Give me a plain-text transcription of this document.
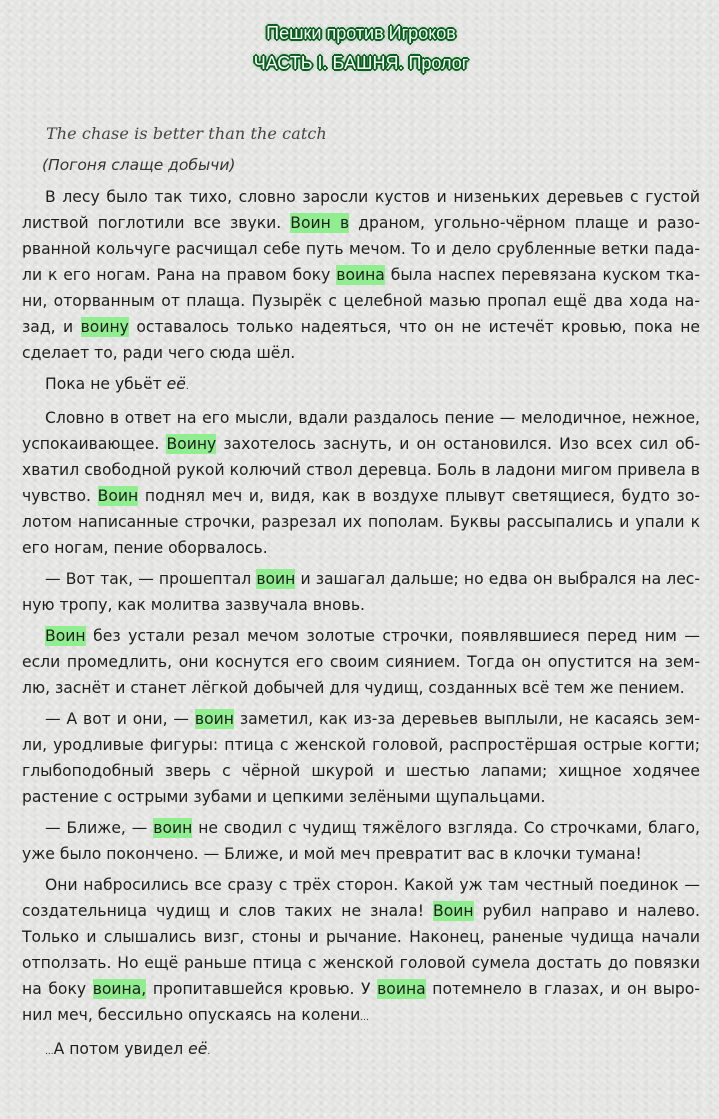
Пешки против Игроков
ЧАСТЬ I. БАШНЯ. Пролог
The chase is better than the catch
(Погоня слаще добычи)

В лесу было так тихо, словно заросли кустов и низеньких деревьев с густой листвой поглотили все звуки. Воин в драном, угольно-чёрном плаще и разорванной кольчуге расчищал себе путь мечом. То и дело срубленные ветки падали к его ногам. Рана на правом боку воина была наспех перевязана куском ткани, оторванным от плаща. Пузырёк с целебной мазью пропал ещё два хода назад, и воину оставалось только надеяться, что он не истечёт кровью, пока не сделает то, ради чего сюда шёл.

Пока не убьёт её.

Словно в ответ на его мысли, вдали раздалось пение — мелодичное, нежное, успокаивающее. Воину захотелось заснуть, и он остановился. Изо всех сил обхватил свободной рукой колючий ствол деревца. Боль в ладони мигом привела в чувство. Воин поднял меч и, видя, как в воздухе плывут светящиеся, будто золотом написанные строчки, разрезал их пополам. Буквы рассыпались и упали к его ногам, пение оборвалось.

— Вот так, — прошептал воин и зашагал дальше; но едва он выбрался на лесную тропу, как молитва зазвучала вновь.

Воин без устали резал мечом золотые строчки, появлявшиеся перед ним — если промедлить, они коснутся его своим сиянием. Тогда он опустится на землю, заснёт и станет лёгкой добычей для чудищ, созданных всё тем же пением.

— А вот и они, — воин заметил, как из-за деревьев выплыли, не касаясь земли, уродливые фигуры: птица с женской головой, распростёршая острые когти; глыбоподобный зверь с чёрной шкурой и шестью лапами; хищное ходячее растение с острыми зубами и цепкими зелёными щупальцами.

— Ближе, — воин не сводил с чудищ тяжёлого взгляда. Со строчками, благо, уже было покончено. — Ближе, и мой меч превратит вас в клочки тумана!

Они набросились все сразу с трёх сторон. Какой уж там честный поединок — создательница чудищ и слов таких не знала! Воин рубил направо и налево. Только и слышались визг, стоны и рычание. Наконец, раненые чудища начали отползать. Но ещё раньше птица с женской головой сумела достать до повязки на боку воина, пропитавшейся кровью. У воина потемнело в глазах, и он выронил меч, бессильно опускаясь на колени...

...А потом увидел её.
